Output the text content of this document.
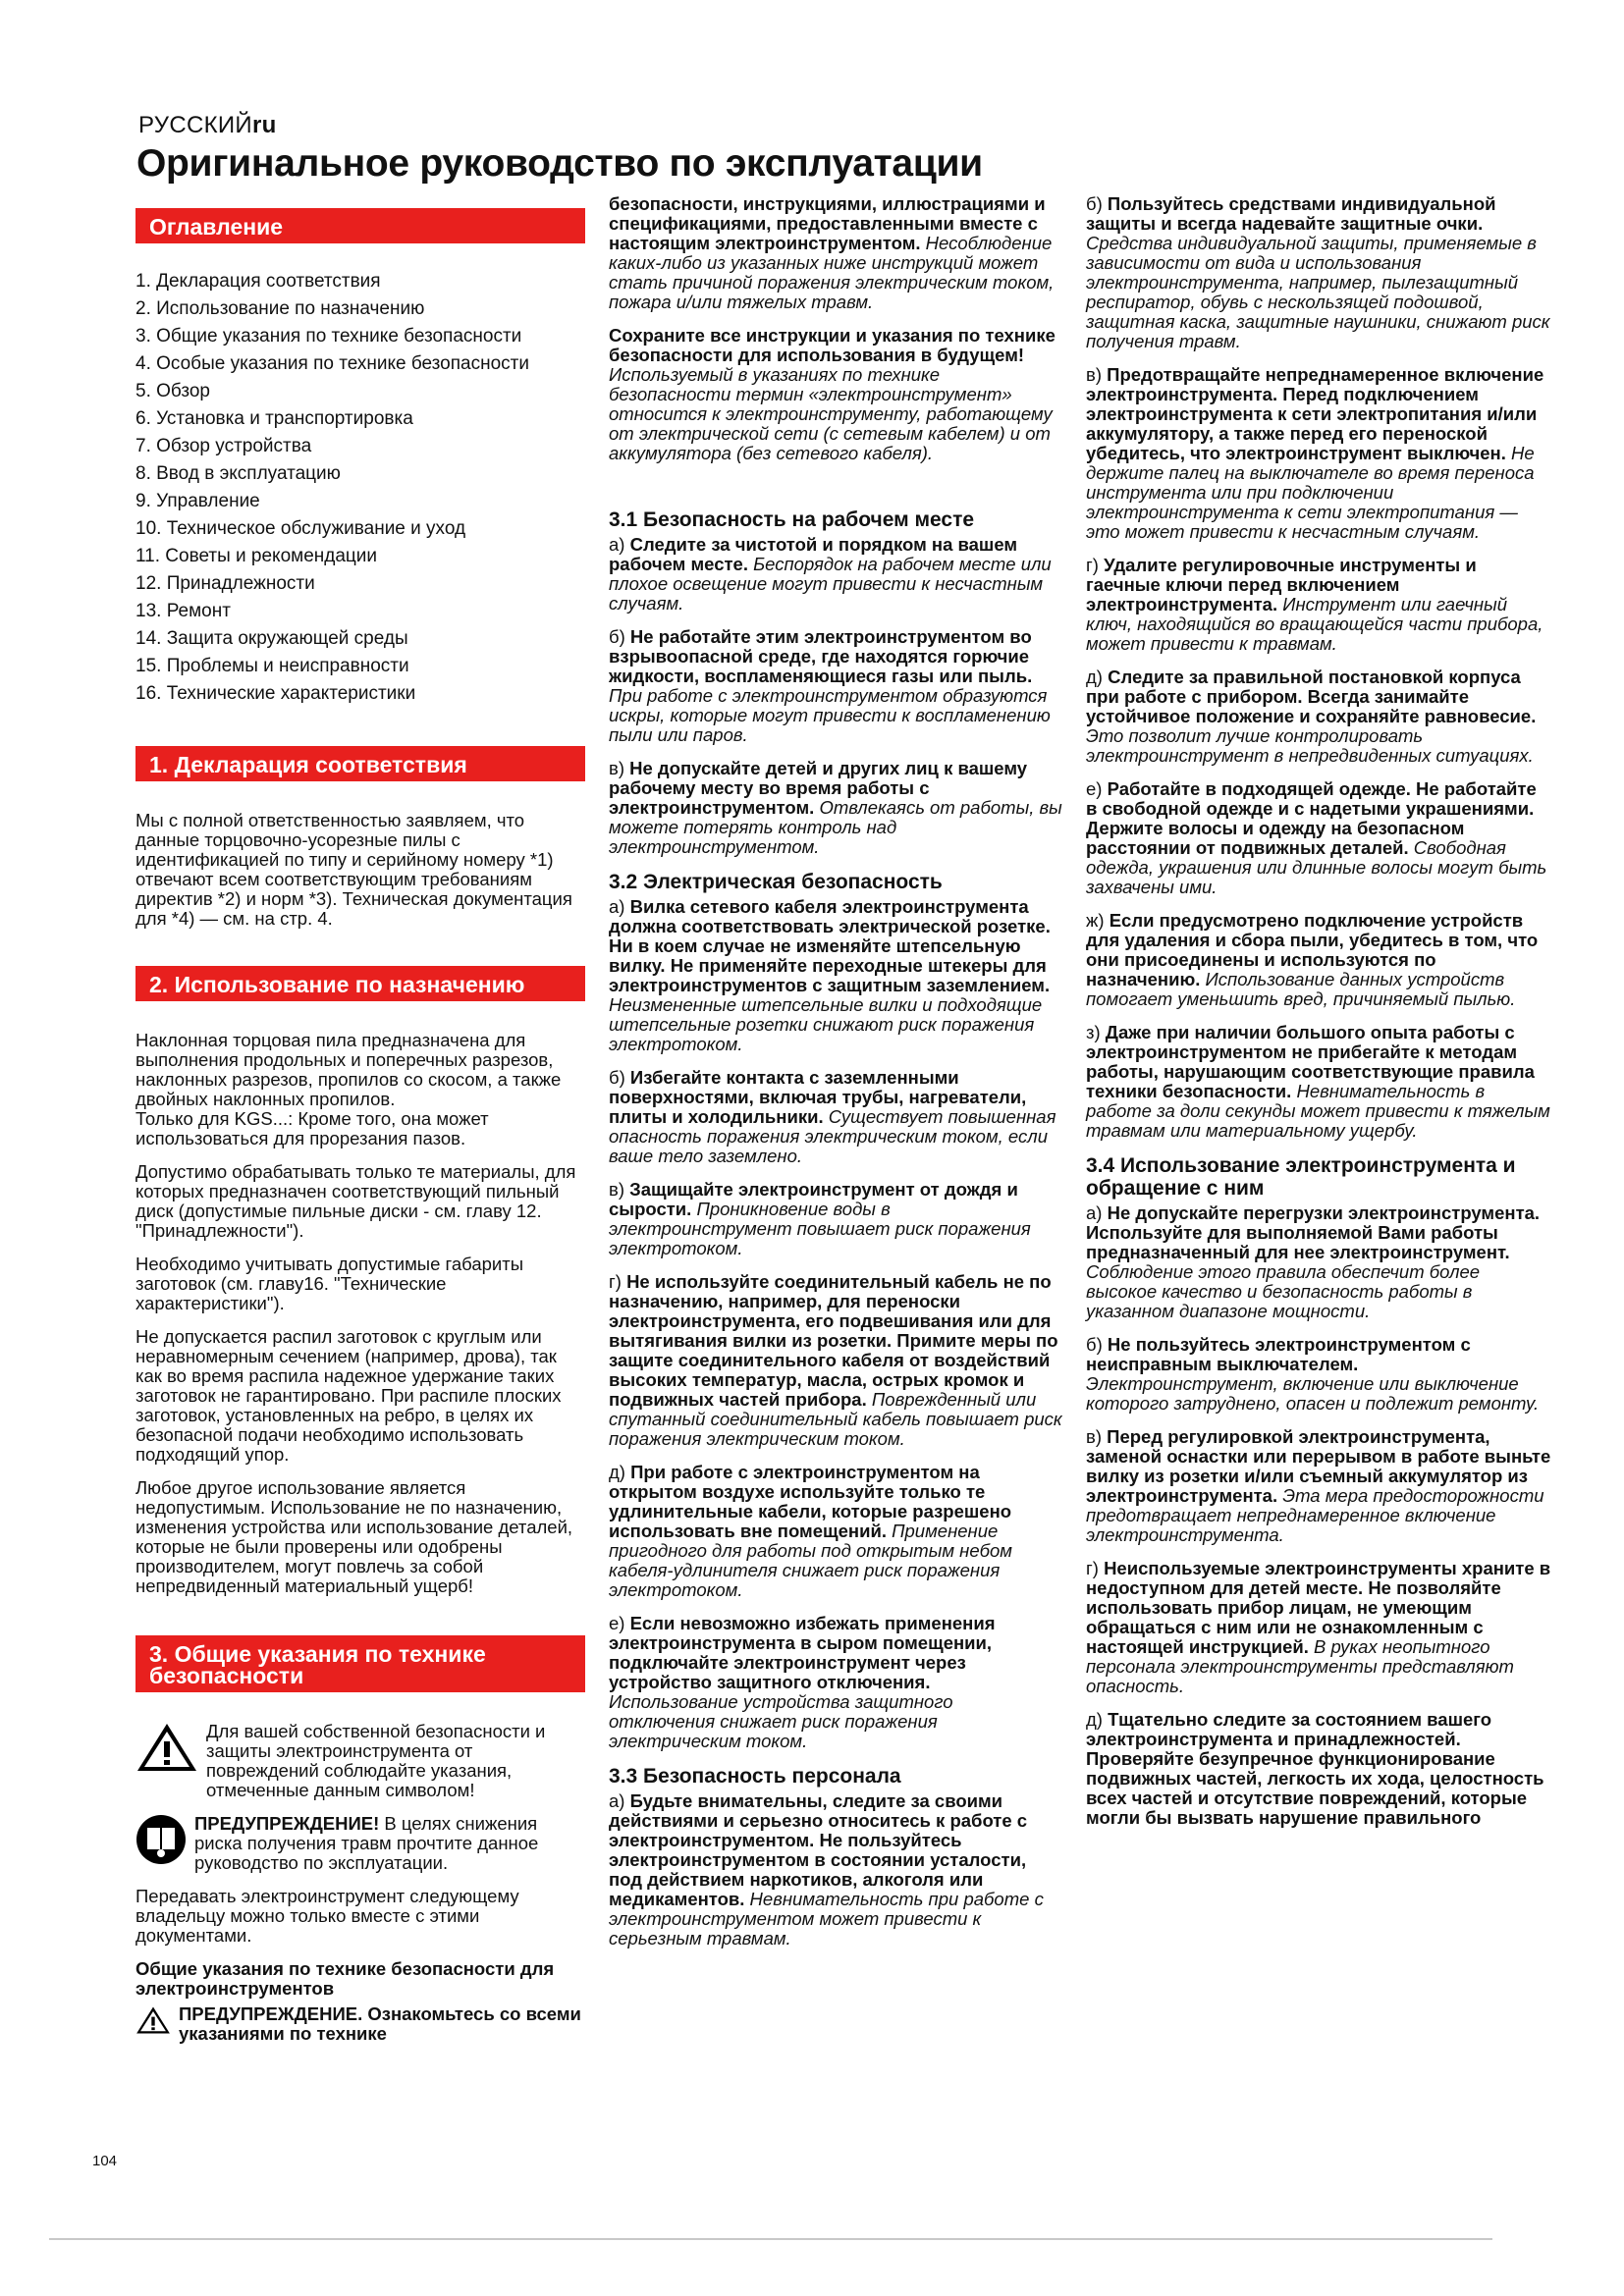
РУССКИЙru
Оригинальное руководство по эксплуатации
Оглавление
1. Декларация соответствия
2. Использование по назначению
3. Общие указания по технике безопасности
4. Особые указания по технике безопасности
5. Обзор
6. Установка и транспортировка
7. Обзор устройства
8. Ввод в эксплуатацию
9. Управление
10. Техническое обслуживание и уход
11. Советы и рекомендации
12. Принадлежности
13. Ремонт
14. Защита окружающей среды
15. Проблемы и неисправности
16. Технические характеристики
1. Декларация соответствия

Мы с полной ответственностью заявляем, что данные торцовочно-усорезные пилы с идентификацией по типу и серийному номеру *1) отвечают всем соответствующим требованиям директив *2) и норм *3). Техническая документация для *4) — см. на стр. 4.

2. Использование по назначению

Наклонная торцовая пила предназначена для выполнения продольных и поперечных разрезов, наклонных разрезов, пропилов со скосом, а также двойных наклонных пропилов.

Только для KGS...: Кроме того, она может использоваться для прорезания пазов.

Допустимо обрабатывать только те материалы, для которых предназначен соответствующий пильный диск (допустимые пильные диски - см. главу 12. "Принадлежности").

Необходимо учитывать допустимые габариты заготовок (см. главу16. "Технические характеристики").

Не допускается распил заготовок с круглым или неравномерным сечением (например, дрова), так как во время распила надежное удержание таких заготовок не гарантировано. При распиле плоских заготовок, установленных на ребро, в целях их безопасной подачи необходимо использовать подходящий упор.

Любое другое использование является недопустимым. Использование не по назначению, изменения устройства или использование деталей, которые не были проверены или одобрены производителем, могут повлечь за собой непредвиденный материальный ущерб!

3. Общие указания по технике безопасности

Для вашей собственной безопасности и защиты электроинструмента от повреждений соблюдайте указания, отмеченные данным символом!

ПРЕДУПРЕЖДЕНИЕ! В целях снижения риска получения травм прочтите данное руководство по эксплуатации.

Передавать электроинструмент следующему владельцу можно только вместе с этими документами.

Общие указания по технике безопасности для электроинструментов

ПРЕДУПРЕЖДЕНИЕ. Ознакомьтесь со всеми указаниями по технике

безопасности, инструкциями, иллюстрациями и спецификациями, предоставленными вместе с настоящим электроинструментом. Несоблюдение каких-либо из указанных ниже инструкций может стать причиной поражения электрическим током, пожара и/или тяжелых травм.

Сохраните все инструкции и указания по технике безопасности для использования в будущем! Используемый в указаниях по технике безопасности термин «электроинструмент» относится к электроинструменту, работающему от электрической сети (с сетевым кабелем) и от аккумулятора (без сетевого кабеля).

3.1 Безопасность на рабочем месте

а) Следите за чистотой и порядком на вашем рабочем месте. Беспорядок на рабочем месте или плохое освещение могут привести к несчастным случаям.

б) Не работайте этим электроинструментом во взрывоопасной среде, где находятся горючие жидкости, воспламеняющиеся газы или пыль. При работе с электроинструментом образуются искры, которые могут привести к воспламенению пыли или паров.

в) Не допускайте детей и других лиц к вашему рабочему месту во время работы с электроинструментом. Отвлекаясь от работы, вы можете потерять контроль над электроинструментом.

3.2 Электрическая безопасность

а) Вилка сетевого кабеля электроинструмента должна соответствовать электрической розетке. Ни в коем случае не изменяйте штепсельную вилку. Не применяйте переходные штекеры для электроинструментов с защитным заземлением. Неизмененные штепсельные вилки и подходящие штепсельные розетки снижают риск поражения электротоком.

б) Избегайте контакта с заземленными поверхностями, включая трубы, нагреватели, плиты и холодильники. Существует повышенная опасность поражения электрическим током, если ваше тело заземлено.

в) Защищайте электроинструмент от дождя и сырости. Проникновение воды в электроинструмент повышает риск поражения электротоком.

г) Не используйте соединительный кабель не по назначению, например, для переноски электроинструмента, его подвешивания или для вытягивания вилки из розетки. Примите меры по защите соединительного кабеля от воздействий высоких температур, масла, острых кромок и подвижных частей прибора. Поврежденный или спутанный соединительный кабель повышает риск поражения электрическим током.

д) При работе с электроинструментом на открытом воздухе используйте только те удлинительные кабели, которые разрешено использовать вне помещений. Применение пригодного для работы под открытым небом кабеля-удлинителя снижает риск поражения электротоком.

е) Если невозможно избежать применения электроинструмента в сыром помещении, подключайте электроинструмент через устройство защитного отключения. Использование устройства защитного отключения снижает риск поражения электрическим током.

3.3 Безопасность персонала

а) Будьте внимательны, следите за своими действиями и серьезно относитесь к работе с электроинструментом. Не пользуйтесь электроинструментом в состоянии усталости, под действием наркотиков, алкоголя или медикаментов. Невнимательность при работе с электроинструментом может привести к серьезным травмам.

б) Пользуйтесь средствами индивидуальной защиты и всегда надевайте защитные очки. Средства индивидуальной защиты, применяемые в зависимости от вида и использования электроинструмента, например, пылезащитный респиратор, обувь с нескользящей подошвой, защитная каска, защитные наушники, снижают риск получения травм.

в) Предотвращайте непреднамеренное включение электроинструмента. Перед подключением электроинструмента к сети электропитания и/или аккумулятору, а также перед его переноской убедитесь, что электроинструмент выключен. Не держите палец на выключателе во время переноса инструмента или при подключении электроинструмента к сети электропитания — это может привести к несчастным случаям.

г) Удалите регулировочные инструменты и гаечные ключи перед включением электроинструмента. Инструмент или гаечный ключ, находящийся во вращающейся части прибора, может привести к травмам.

д) Следите за правильной постановкой корпуса при работе с прибором. Всегда занимайте устойчивое положение и сохраняйте равновесие. Это позволит лучше контролировать электроинструмент в непредвиденных ситуациях.

е) Работайте в подходящей одежде. Не работайте в свободной одежде и с надетыми украшениями. Держите волосы и одежду на безопасном расстоянии от подвижных деталей. Свободная одежда, украшения или длинные волосы могут быть захвачены ими.

ж) Если предусмотрено подключение устройств для удаления и сбора пыли, убедитесь в том, что они присоединены и используются по назначению. Использование данных устройств помогает уменьшить вред, причиняемый пылью.

з) Даже при наличии большого опыта работы с электроинструментом не прибегайте к методам работы, нарушающим соответствующие правила техники безопасности. Невнимательность в работе за доли секунды может привести к тяжелым травмам или материальному ущербу.

3.4 Использование электроинструмента и обращение с ним

а) Не допускайте перегрузки электроинструмента. Используйте для выполняемой Вами работы предназначенный для нее электроинструмент. Соблюдение этого правила обеспечит более высокое качество и безопасность работы в указанном диапазоне мощности.

б) Не пользуйтесь электроинструментом с неисправным выключателем. Электроинструмент, включение или выключение которого затруднено, опасен и подлежит ремонту.

в) Перед регулировкой электроинструмента, заменой оснастки или перерывом в работе выньте вилку из розетки и/или съемный аккумулятор из электроинструмента. Эта мера предосторожности предотвращает непреднамеренное включение электроинструмента.

г) Неиспользуемые электроинструменты храните в недоступном для детей месте. Не позволяйте использовать прибор лицам, не умеющим обращаться с ним или не ознакомленным с настоящей инструкцией. В руках неопытного персонала электроинструменты представляют опасность.

д) Тщательно следите за состоянием вашего электроинструмента и принадлежностей. Проверяйте безупречное функционирование подвижных частей, легкость их хода, целостность всех частей и отсутствие повреждений, которые могли бы вызвать нарушение правильного

104
